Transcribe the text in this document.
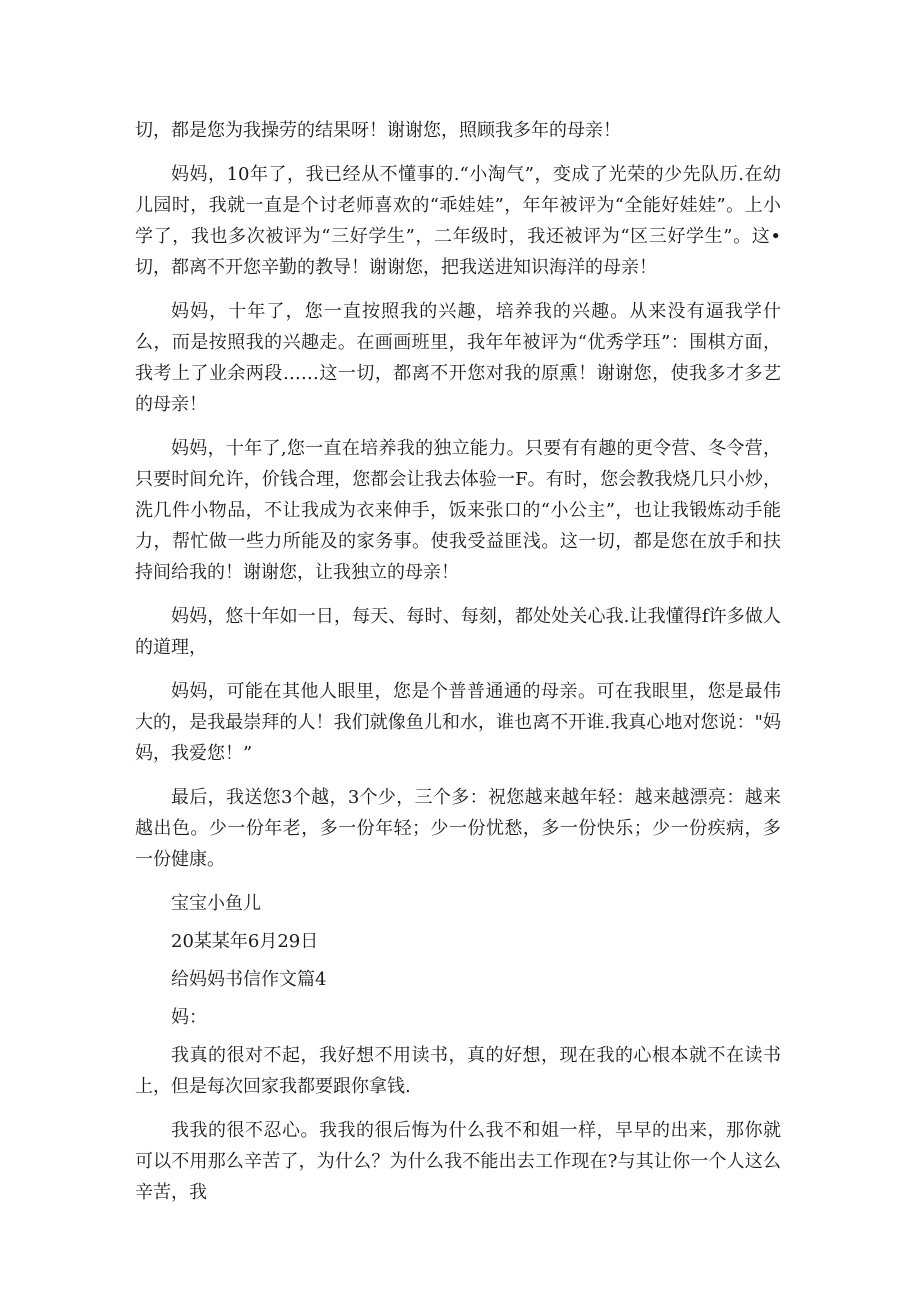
切，都是您为我操劳的结果呀！谢谢您，照顾我多年的母亲！

妈妈，10年了，我已经从不懂事的.“小淘气”，变成了光荣的少先队历.在幼儿园时，我就一直是个讨老师喜欢的“乖娃娃”，年年被评为“全能好娃娃”。上小学了，我也多次被评为“三好学生”，二年级时，我还被评为“区三好学生”。这•切，都离不开您辛勤的教导！谢谢您，把我送进知识海洋的母亲！

妈妈，十年了，您一直按照我的兴趣，培养我的兴趣。从来没有逼我学什么，而是按照我的兴趣走。在画画班里，我年年被评为“优秀学珏”：围棋方面，我考上了业余两段……这一切，都离不开您对我的原熏！谢谢您，使我多才多艺的母亲！

妈妈，十年了,您一直在培养我的独立能力。只要有有趣的更令营、冬令营，只要时间允许，价钱合理，您都会让我去体验一F。有时，您会教我烧几只小炒，洗几件小物品，不让我成为衣来伸手，饭来张口的“小公主”，也让我锻炼动手能力，帮忙做一些力所能及的家务事。使我受益匪浅。这一切，都是您在放手和扶持间给我的！谢谢您，让我独立的母亲！

妈妈，悠十年如一日，每天、每时、每刻，都处处关心我.让我懂得f许多做人的道理，

妈妈，可能在其他人眼里，您是个普普通通的母亲。可在我眼里，您是最伟大的，是我最崇拜的人！我们就像鱼儿和水，谁也离不开谁.我真心地对您说："妈妈，我爱您！”

最后，我送您3个越，3个少，三个多：祝您越来越年轻：越来越漂亮：越来越出色。少一份年老，多一份年轻；少一份忧愁，多一份快乐；少一份疾病，多一份健康。

宝宝小鱼儿

20某某年6月29日

给妈妈书信作文篇4

妈：

我真的很对不起，我好想不用读书，真的好想，现在我的心根本就不在读书上，但是每次回家我都要跟你拿钱.

我我的很不忍心。我我的很后悔为什么我不和姐一样，早早的出来，那你就可以不用那么辛苦了，为什么？为什么我不能出去工作现在?与其让你一个人这么辛苦，我
